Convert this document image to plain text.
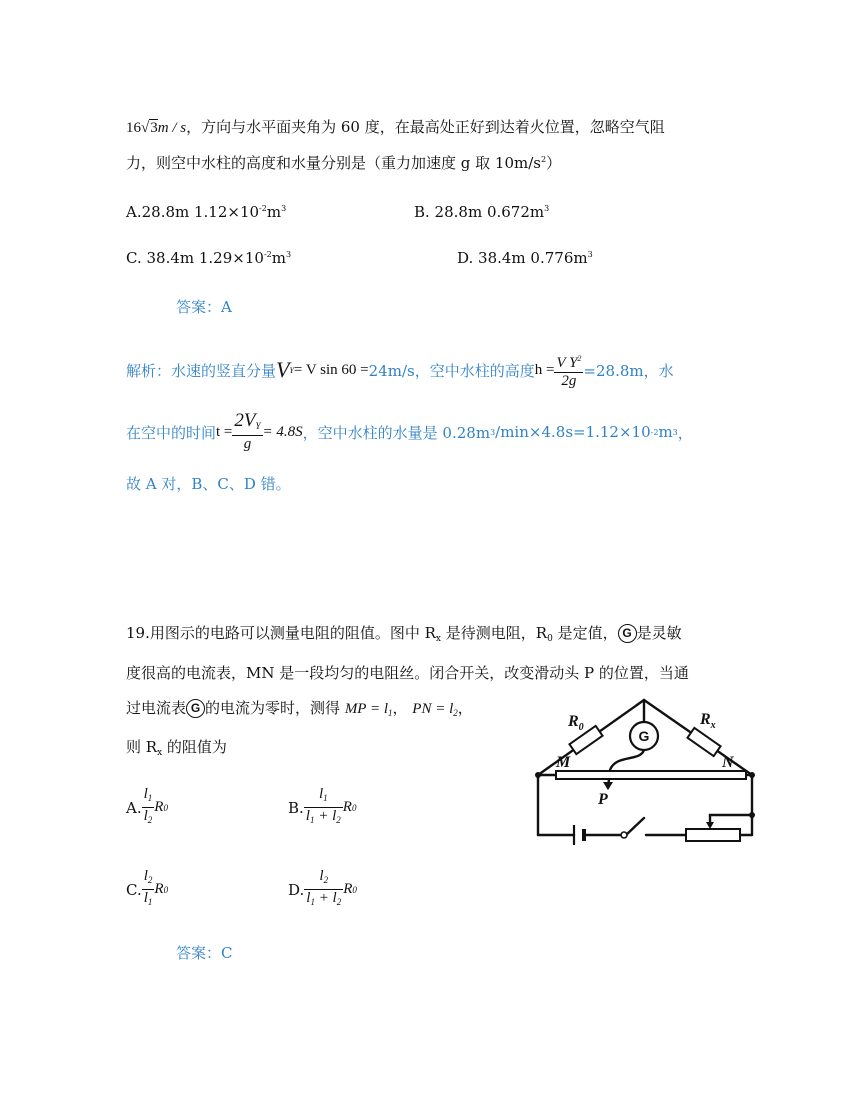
16√3m / s，方向与水平面夹角为 60 度，在最高处正好到达着火位置，忽略空气阻
力，则空中水柱的高度和水量分别是（重力加速度 g 取 $10m/s^2$）
A.28.8m $1.12\times 10^{-2}m^3$	B. 28.8m $0.672m^3$
C. 38.4m $1.29\times 10^{-2}m^3$	D. 38.4m $0.776m^3$
答案：A
解析：水速的竖直分量 V Y = V sin 60 = 24m/s，空中水柱的高度 $h = \frac{V Y^2}{2g} =28.8m$，水
在空中的时间 $t = \frac{2V_Y}{g} = 4.8S$ ，空中水柱的水量是 0.28m 3 /min×4.8s=1.12×10 -2 m 3 ，
故 A 对，B、C、D 错。
19.用图示的电路可以测量电阻的阻值。图中 $R_x$ 是待测电阻，$R_0$ 是定值， G 是灵敏
度很高的电流表，MN 是一段均匀的电阻丝。闭合开关，改变滑动头 P 的位置，当通
过电流表 G 的电流为零时，测得 MP = $l_1$， PN = $l_2$，
则 $R_x$ 的阻值为
A. $\frac{l_1}{l_2}$ R 0	B. $\frac{l_1}{l_1 + l_2}$ R 0
C. $\frac{l_2}{l_1}$ R 0	D. $\frac{l_2}{l_1 + l_2}$ R 0
答案：C
G
$R_0$	$R_x$
M	N
P
